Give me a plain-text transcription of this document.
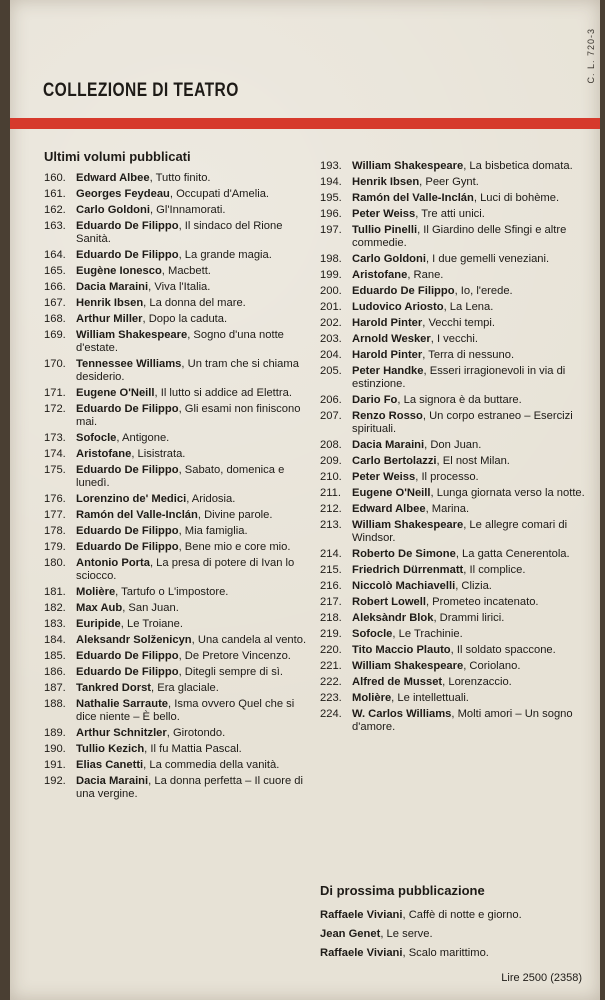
C. L. 720-3
COLLEZIONE DI TEATRO
Ultimi volumi pubblicati
160. Edward Albee, Tutto finito.
161. Georges Feydeau, Occupati d'Amelia.
162. Carlo Goldoni, Gl'Innamorati.
163. Eduardo De Filippo, Il sindaco del Rione Sanità.
164. Eduardo De Filippo, La grande magia.
165. Eugène Ionesco, Macbett.
166. Dacia Maraini, Viva l'Italia.
167. Henrik Ibsen, La donna del mare.
168. Arthur Miller, Dopo la caduta.
169. William Shakespeare, Sogno d'una notte d'estate.
170. Tennessee Williams, Un tram che si chiama desiderio.
171. Eugene O'Neill, Il lutto si addice ad Elettra.
172. Eduardo De Filippo, Gli esami non finiscono mai.
173. Sofocle, Antigone.
174. Aristofane, Lisistrata.
175. Eduardo De Filippo, Sabato, domenica e lunedì.
176. Lorenzino de' Medici, Aridosia.
177. Ramón del Valle-Inclán, Divine parole.
178. Eduardo De Filippo, Mia famiglia.
179. Eduardo De Filippo, Bene mio e core mio.
180. Antonio Porta, La presa di potere di Ivan lo sciocco.
181. Molière, Tartufo o L'impostore.
182. Max Aub, San Juan.
183. Euripide, Le Troiane.
184. Aleksandr Solženicyn, Una candela al vento.
185. Eduardo De Filippo, De Pretore Vincenzo.
186. Eduardo De Filippo, Ditegli sempre di sì.
187. Tankred Dorst, Era glaciale.
188. Nathalie Sarraute, Isma ovvero Quel che si dice niente – È bello.
189. Arthur Schnitzler, Girotondo.
190. Tullio Kezich, Il fu Mattia Pascal.
191. Elias Canetti, La commedia della vanità.
192. Dacia Maraini, La donna perfetta – Il cuore di una vergine.
193. William Shakespeare, La bisbetica domata.
194. Henrik Ibsen, Peer Gynt.
195. Ramón del Valle-Inclán, Luci di bohème.
196. Peter Weiss, Tre atti unici.
197. Tullio Pinelli, Il Giardino delle Sfingi e altre commedie.
198. Carlo Goldoni, I due gemelli veneziani.
199. Aristofane, Rane.
200. Eduardo De Filippo, Io, l'erede.
201. Ludovico Ariosto, La Lena.
202. Harold Pinter, Vecchi tempi.
203. Arnold Wesker, I vecchi.
204. Harold Pinter, Terra di nessuno.
205. Peter Handke, Esseri irragionevoli in via di estinzione.
206. Dario Fo, La signora è da buttare.
207. Renzo Rosso, Un corpo estraneo – Esercizi spirituali.
208. Dacia Maraini, Don Juan.
209. Carlo Bertolazzi, El nost Milan.
210. Peter Weiss, Il processo.
211. Eugene O'Neill, Lunga giornata verso la notte.
212. Edward Albee, Marina.
213. William Shakespeare, Le allegre comari di Windsor.
214. Roberto De Simone, La gatta Cenerentola.
215. Friedrich Dürrenmatt, Il complice.
216. Niccolò Machiavelli, Clizia.
217. Robert Lowell, Prometeo incatenato.
218. Aleksàndr Blok, Drammi lirici.
219. Sofocle, Le Trachinie.
220. Tito Maccio Plauto, Il soldato spaccone.
221. William Shakespeare, Coriolano.
222. Alfred de Musset, Lorenzaccio.
223. Molière, Le intellettuali.
224. W. Carlos Williams, Molti amori – Un sogno d'amore.
Di prossima pubblicazione
Raffaele Viviani, Caffè di notte e giorno.
Jean Genet, Le serve.
Raffaele Viviani, Scalo marittimo.
Lire 2500 (2358)
